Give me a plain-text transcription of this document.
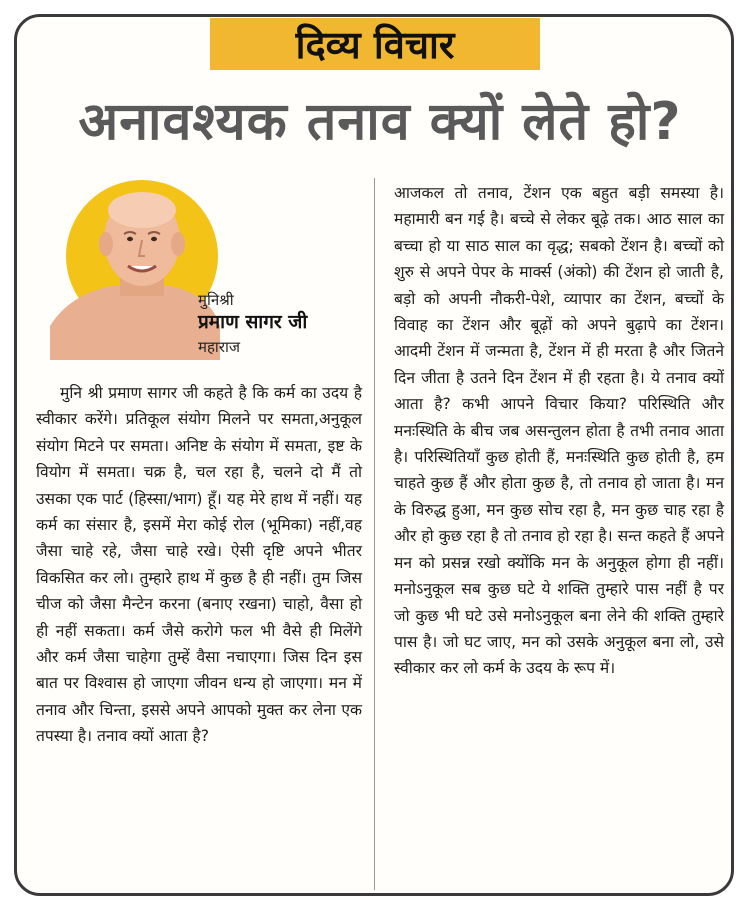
दिव्य विचार
अनावश्यक तनाव क्यों लेते हो?
मुनिश्री
प्रमाण सागर जी
महाराज

मुनि श्री प्रमाण सागर जी कहते है कि कर्म का उदय है स्वीकार करेंगे। प्रतिकूल संयोग मिलने पर समता,अनुकूल संयोग मिटने पर समता। अनिष्ट के संयोग में समता, इष्ट के वियोग में समता। चक्र है, चल रहा है, चलने दो मैं तो उसका एक पार्ट (हिस्सा/भाग) हूँ। यह मेरे हाथ में नहीं। यह कर्म का संसार है, इसमें मेरा कोई रोल (भूमिका) नहीं,वह जैसा चाहे रहे, जैसा चाहे रखे। ऐसी दृष्टि अपने भीतर विकसित कर लो। तुम्हारे हाथ में कुछ है ही नहीं। तुम जिस चीज को जैसा मैन्टेन करना (बनाए रखना) चाहो, वैसा हो ही नहीं सकता। कर्म जैसे करोगे फल भी वैसे ही मिलेंगे और कर्म जैसा चाहेगा तुम्हें वैसा नचाएगा। जिस दिन इस बात पर विश्वास हो जाएगा जीवन धन्य हो जाएगा। मन में तनाव और चिन्ता, इससे अपने आपको मुक्त कर लेना एक तपस्या है। तनाव क्यों आता है?

आजकल तो तनाव, टेंशन एक बहुत बड़ी समस्या है। महामारी बन गई है। बच्चे से लेकर बूढ़े तक। आठ साल का बच्चा हो या साठ साल का वृद्ध; सबको टेंशन है। बच्चों को शुरु से अपने पेपर के मार्क्स (अंको) की टेंशन हो जाती है, बड़ो को अपनी नौकरी-पेशे, व्यापार का टेंशन, बच्चों के विवाह का टेंशन और बूढ़ों को अपने बुढ़ापे का टेंशन। आदमी टेंशन में जन्मता है, टेंशन में ही मरता है और जितने दिन जीता है उतने दिन टेंशन में ही रहता है। ये तनाव क्यों आता है? कभी आपने विचार किया? परिस्थिति और मनःस्थिति के बीच जब असन्तुलन होता है तभी तनाव आता है। परिस्थितियाँ कुछ होती हैं, मनःस्थिति कुछ होती है, हम चाहते कुछ हैं और होता कुछ है, तो तनाव हो जाता है। मन के विरुद्ध हुआ, मन कुछ सोच रहा है, मन कुछ चाह रहा है और हो कुछ रहा है तो तनाव हो रहा है। सन्त कहते हैं अपने मन को प्रसन्न रखो क्योंकि मन के अनुकूल होगा ही नहीं। मनोऽनुकूल सब कुछ घटे ये शक्ति तुम्हारे पास नहीं है पर जो कुछ भी घटे उसे मनोऽनुकूल बना लेने की शक्ति तुम्हारे पास है। जो घट जाए, मन को उसके अनुकूल बना लो, उसे स्वीकार कर लो कर्म के उदय के रूप में।
